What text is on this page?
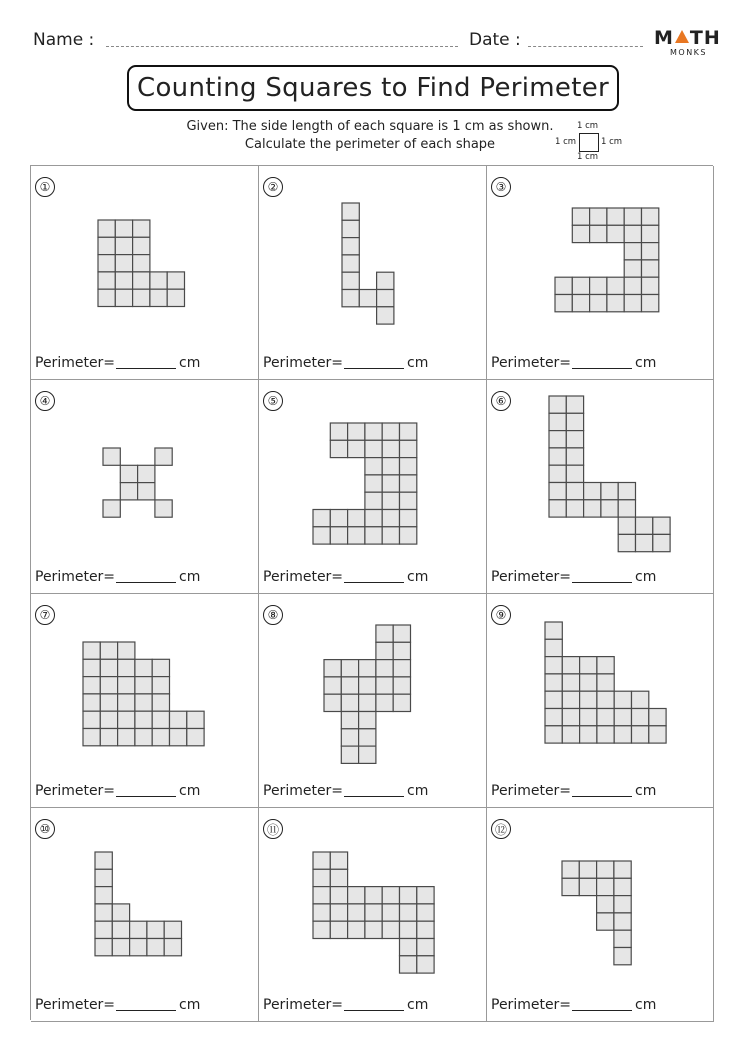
Name :	Date :	M TH
MONKS
Counting Squares to Find Perimeter
Given: The side length of each square is 1 cm as shown.
Calculate the perimeter of each shape
1 cm
1 cm	1 cm
1 cm
①
Perimeter=	cm
②
Perimeter=	cm
③
Perimeter=	cm
④
Perimeter=	cm
⑤
Perimeter=	cm
⑥
Perimeter=	cm
⑦
Perimeter=	cm
⑧
Perimeter=	cm
⑨
Perimeter=	cm
⑩
Perimeter=	cm
⑪
Perimeter=	cm
⑫
Perimeter=	cm
